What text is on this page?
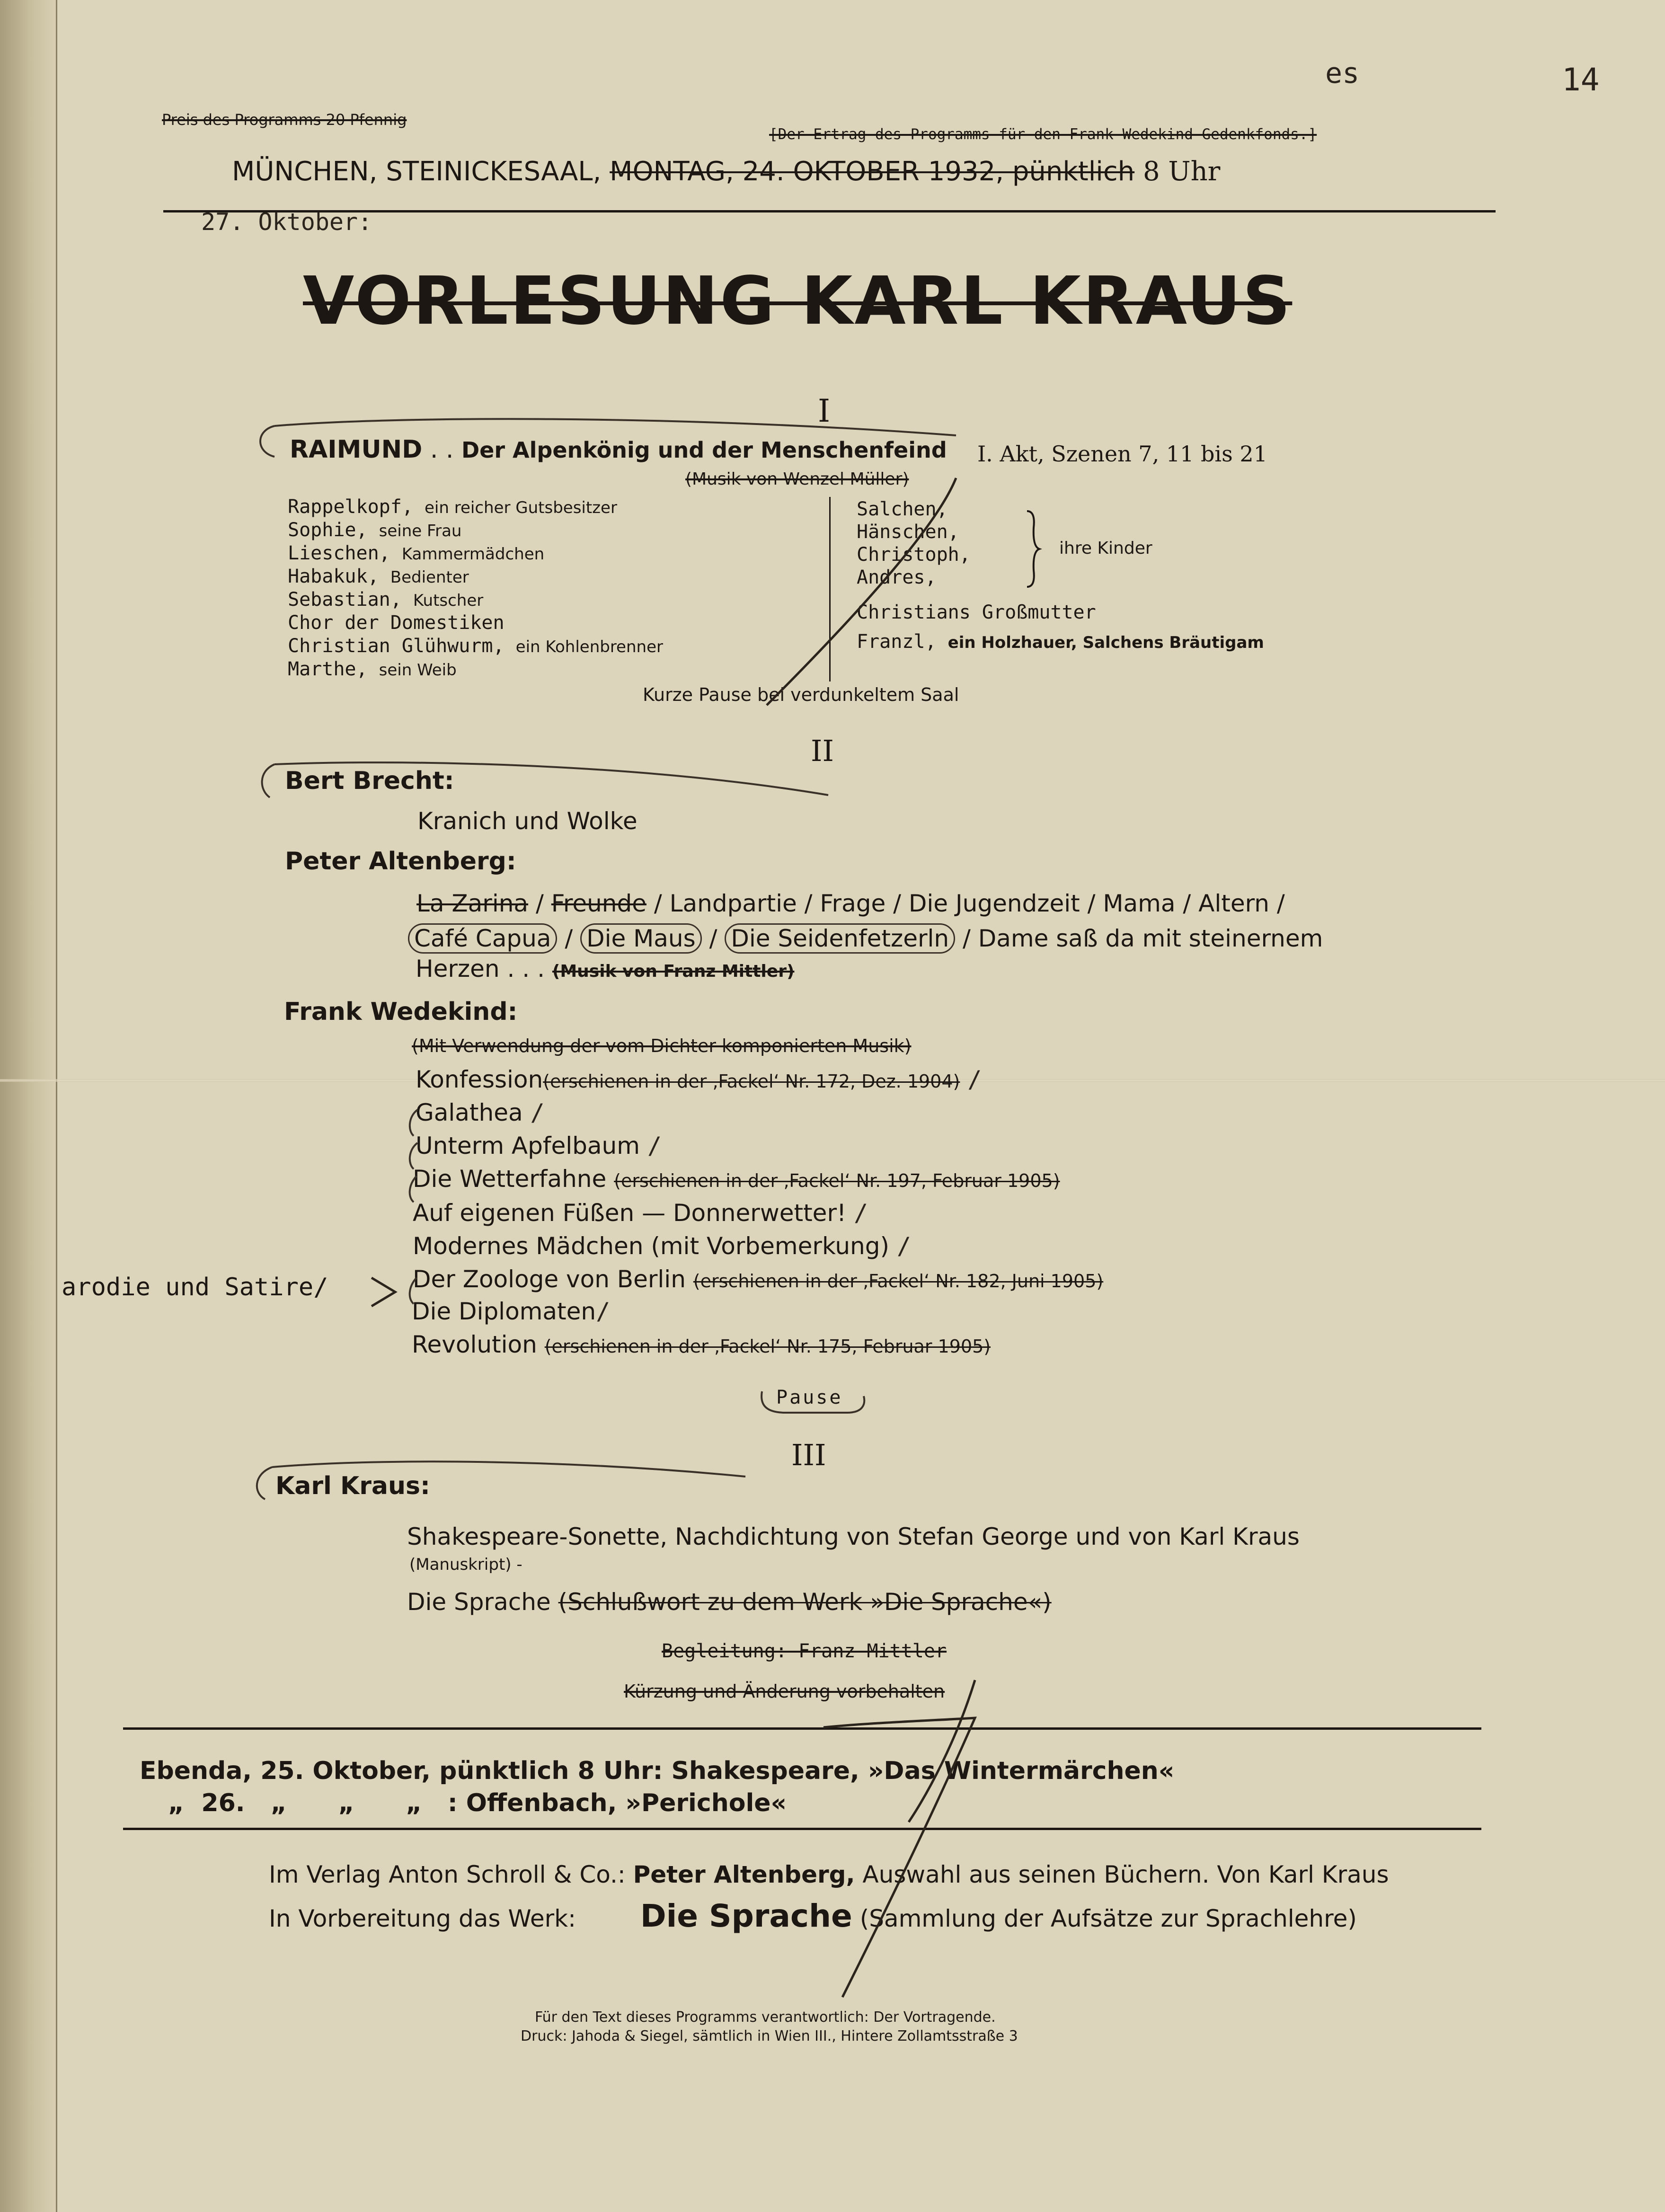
Preis des Programms 20 Pfennig
[Der Ertrag des Programms für den Frank Wedekind-Gedenkfonds.]
es	14
MÜNCHEN, STEINICKESAAL, MONTAG, 24. OKTOBER 1932, pünktlich 8 Uhr
27. Oktober:
VORLESUNG KARL KRAUS
I
RAIMUND . . Der Alpenkönig und der Menschenfeind I. Akt, Szenen 7, 11 bis 21
(Musik von Wenzel Müller)
Rappelkopf, ein reicher Gutsbesitzer
Sophie, seine Frau
Lieschen, Kammermädchen
Habakuk, Bedienter
Sebastian, Kutscher
Chor der Domestiken
Christian Glühwurm, ein Kohlenbrenner
Marthe, sein Weib
Salchen,
Hänschen,
Christoph,
Andres,
ihre Kinder
Christians Großmutter
Franzl, ein Holzhauer, Salchens Bräutigam
Kurze Pause bei verdunkeltem Saal
II
Bert Brecht:
Kranich und Wolke
Peter Altenberg:
La Zarina / Freunde / Landpartie / Frage / Die Jugendzeit / Mama / Altern /
Café Capua / Die Maus / Die Seidenfetzerln / Dame saß da mit steinernem
Herzen . . . (Musik von Franz Mittler)
Frank Wedekind:
(Mit Verwendung der vom Dichter komponierten Musik)
Konfession(erschienen in der ‚Fackel‘ Nr. 172, Dez. 1904) /
Galathea /
Unterm Apfelbaum /
Die Wetterfahne (erschienen in der ‚Fackel‘ Nr. 197, Februar 1905)
Auf eigenen Füßen — Donnerwetter! /
Modernes Mädchen (mit Vorbemerkung) /
Der Zoologe von Berlin (erschienen in der ‚Fackel‘ Nr. 182, Juni 1905)
Die Diplomaten/
Revolution (erschienen in der ‚Fackel‘ Nr. 175, Februar 1905)
arodie und Satire/
Pause
III
Karl Kraus:
Shakespeare-Sonette, Nachdichtung von Stefan George und von Karl Kraus
(Manuskript) -
Die Sprache (Schlußwort zu dem Werk »Die Sprache«)
Begleitung: Franz Mittler
Kürzung und Änderung vorbehalten
Ebenda, 25. Oktober, pünktlich 8 Uhr: Shakespeare, »Das Wintermärchen«
„  26.   „      „      „ : Offenbach, »Perichole«
Im Verlag Anton Schroll & Co.: Peter Altenberg, Auswahl aus seinen Büchern. Von Karl Kraus
In Vorbereitung das Werk: Die Sprache (Sammlung der Aufsätze zur Sprachlehre)
Für den Text dieses Programms verantwortlich: Der Vortragende.
Druck: Jahoda & Siegel, sämtlich in Wien III., Hintere Zollamtsstraße 3
